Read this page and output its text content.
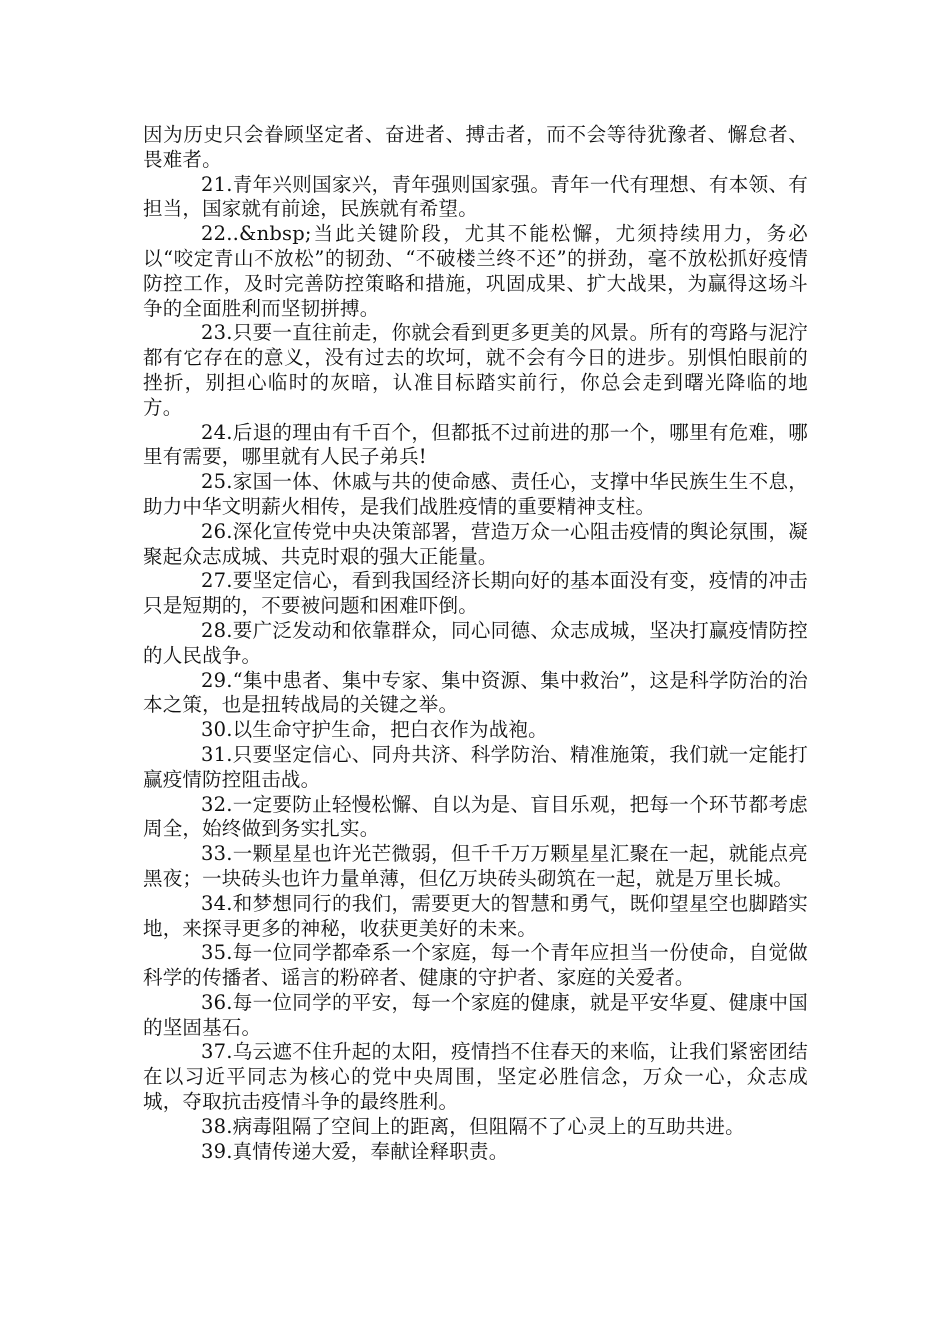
因为历史只会眷顾坚定者、奋进者、搏击者，而不会等待犹豫者、懈怠者、畏难者。

21.青年兴则国家兴，青年强则国家强。青年一代有理想、有本领、有担当，国家就有前途，民族就有希望。

22..&nbsp;当此关键阶段，尤其不能松懈，尤须持续用力，务必以“咬定青山不放松”的韧劲、“不破楼兰终不还”的拼劲，毫不放松抓好疫情防控工作，及时完善防控策略和措施，巩固成果、扩大战果，为赢得这场斗争的全面胜利而坚韧拼搏。

23.只要一直往前走，你就会看到更多更美的风景。所有的弯路与泥泞都有它存在的意义，没有过去的坎坷，就不会有今日的进步。别惧怕眼前的挫折，别担心临时的灰暗，认准目标踏实前行，你总会走到曙光降临的地方。

24.后退的理由有千百个，但都抵不过前进的那一个，哪里有危难，哪里有需要，哪里就有人民子弟兵!

25.家国一体、休戚与共的使命感、责任心，支撑中华民族生生不息，助力中华文明薪火相传，是我们战胜疫情的重要精神支柱。

26.深化宣传党中央决策部署，营造万众一心阻击疫情的舆论氛围，凝聚起众志成城、共克时艰的强大正能量。

27.要坚定信心，看到我国经济长期向好的基本面没有变，疫情的冲击只是短期的，不要被问题和困难吓倒。

28.要广泛发动和依靠群众，同心同德、众志成城，坚决打赢疫情防控的人民战争。

29.“集中患者、集中专家、集中资源、集中救治”，这是科学防治的治本之策，也是扭转战局的关键之举。

30.以生命守护生命，把白衣作为战袍。

31.只要坚定信心、同舟共济、科学防治、精准施策，我们就一定能打赢疫情防控阻击战。

32.一定要防止轻慢松懈、自以为是、盲目乐观，把每一个环节都考虑周全，始终做到务实扎实。

33.一颗星星也许光芒微弱，但千千万万颗星星汇聚在一起，就能点亮黑夜；一块砖头也许力量单薄，但亿万块砖头砌筑在一起，就是万里长城。

34.和梦想同行的我们，需要更大的智慧和勇气，既仰望星空也脚踏实地，来探寻更多的神秘，收获更美好的未来。

35.每一位同学都牵系一个家庭，每一个青年应担当一份使命，自觉做科学的传播者、谣言的粉碎者、健康的守护者、家庭的关爱者。

36.每一位同学的平安，每一个家庭的健康，就是平安华夏、健康中国的坚固基石。

37.乌云遮不住升起的太阳，疫情挡不住春天的来临，让我们紧密团结在以习近平同志为核心的党中央周围，坚定必胜信念，万众一心，众志成城，夺取抗击疫情斗争的最终胜利。

38.病毒阻隔了空间上的距离，但阻隔不了心灵上的互助共进。

39.真情传递大爱，奉献诠释职责。
